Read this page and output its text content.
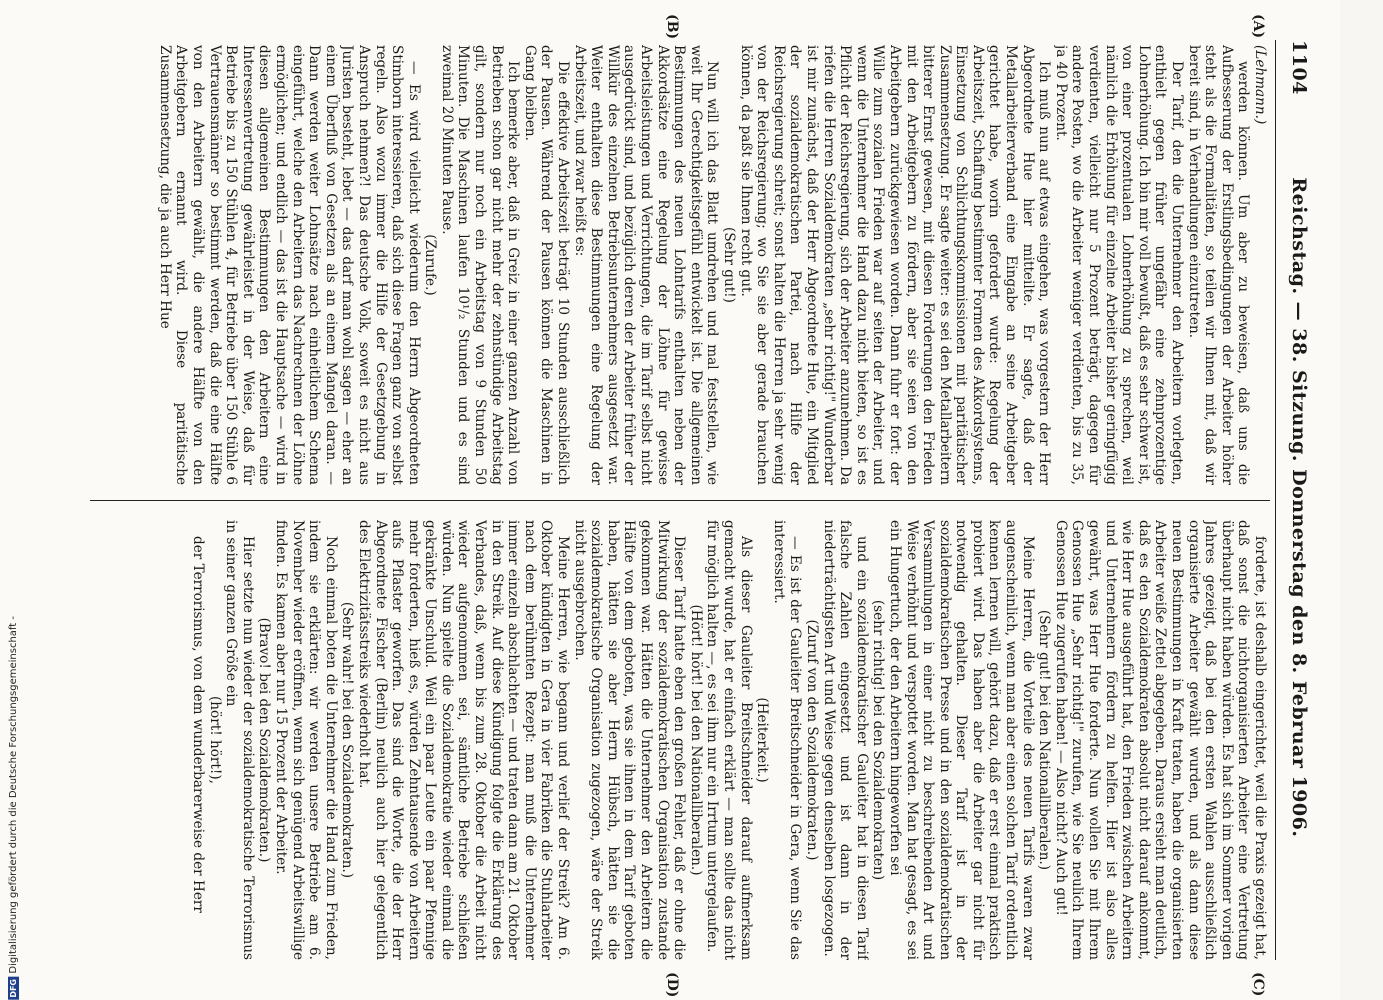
1104
Reichstag. — 38. Sitzung. Donnerstag den 8. Februar 1906.
(A)
(B)
(C)
(D)

(Lehmann.)

werden können. Um aber zu beweisen, daß uns die Aufbesserung der Erstlingsbedingungen der Arbeiter höher steht als die Formalitäten, so teilen wir Ihnen mit, daß wir bereit sind, in Verhandlungen einzutreten.

Der Tarif, den die Unternehmer den Arbeitern vorlegten, enthielt gegen früher ungefähr eine zehnprozentige Lohnerhöhung. Ich bin mir voll bewußt, daß es sehr schwer ist, von einer prozentualen Lohnerhöhung zu sprechen, weil nämlich die Erhöhung für einzelne Arbeiter bisher geringfügig verdienten, vielleicht nur 5 Prozent beträgt, dagegen für andere Posten, wo die Arbeiter weniger verdienten, bis zu 35, ja 40 Prozent.

Ich muß nun auf etwas eingehen, was vorgestern der Herr Abgeordnete Hue hier mitteilte. Er sagte, daß der Metallarbeiterverband eine Eingabe an seine Arbeitgeber gerichtet habe, worin gefordert wurde: Regelung der Arbeitszeit, Schaffung bestimmter Formen des Akkordsystems, Einsetzung von Schlichtungskommissionen mit paritätischer Zusammensetzung. Er sagte weiter: es sei den Metallarbeitern bitterer Ernst gewesen, mit diesen Forderungen den Frieden mit den Arbeitgebern zu fördern, aber sie seien von den Arbeitgebern zurückgewiesen worden. Dann fuhr er fort: der Wille zum sozialen Frieden war auf seiten der Arbeiter, und wenn die Unternehmer die Hand dazu nicht bieten, so ist es Pflicht der Reichsregierung, sich der Arbeiter anzunehmen. Da riefen die Herren Sozialdemokraten „sehr richtig!" Wunderbar ist mir zunächst, daß der Herr Abgeordnete Hue, ein Mitglied der sozialdemokratischen Partei, nach Hilfe der Reichsregierung schreit; sonst halten die Herren ja sehr wenig von der Reichsregierung; wo Sie sie aber gerade brauchen können, da paßt sie Ihnen recht gut.

(Sehr gut!)

Nun will ich das Blatt umdrehen und mal feststellen, wie weit Ihr Gerechtigkeitsgefühl entwickelt ist. Die allgemeinen Bestimmungen des neuen Lohntarifs enthalten neben der Akkordsätze eine Regelung der Löhne für gewisse Arbeitsleistungen und Verrichtungen, die im Tarif selbst nicht ausgedrückt sind, und bezüglich deren der Arbeiter früher der Willkür des einzelnen Betriebsunternehmers ausgesetzt war. Weiter enthalten diese Bestimmungen eine Regelung der Arbeitszeit, und zwar heißt es:

Die effektive Arbeitszeit beträgt 10 Stunden ausschließlich der Pausen. Während der Pausen können die Maschinen in Gang bleiben.

Ich bemerke aber, daß in Greiz in einer ganzen Anzahl von Betrieben schon gar nicht mehr der zehnstündige Arbeitstag gilt, sondern nur noch ein Arbeitstag von 9 Stunden 50 Minuten. Die Maschinen laufen 10¹/₂ Stunden und es sind zweimal 20 Minuten Pause.

(Zurufe.)

— Es wird vielleicht wiederum den Herrn Abgeordneten Stimborn interessieren, daß sich diese Fragen ganz von selbst regeln. Also wozu immer die Hilfe der Gesetzgebung in Anspruch nehmen?! Das deutsche Volk, soweit es nicht aus Juristen besteht, lebet — das darf man wohl sagen — eher an einem Überfluß von Gesetzen als an einem Mangel daran. — Dann werden weiter Lohnsätze nach einheitlichem Schema eingeführt, welche den Arbeitern das Nachrechnen der Löhne ermöglichen; und endlich — das ist die Hauptsache — wird in diesen allgemeinen Bestimmungen den Arbeitern eine Interessenvertretung gewährleistet in der Weise, daß für Betriebe bis zu 150 Stühlen 4, für Betriebe über 150 Stühle 6 Vertrauensmänner so bestimmt werden, daß die eine Hälfte von den Arbeitern gewählt, die andere Hälfte von den Arbeitgebern ernannt wird. Diese paritätische Zusammensetzung, die ja auch Herr Hue

forderte, ist deshalb eingerichtet, weil die Praxis gezeigt hat, daß sonst die nichtorganisierten Arbeiter eine Vertretung überhaupt nicht haben würden. Es hat sich im Sommer vorigen Jahres gezeigt, daß bei den ersten Wahlen ausschließlich organisierte Arbeiter gewählt wurden, und als dann diese neuen Bestimmungen in Kraft traten, haben die organisierten Arbeiter weiße Zettel abgegeben. Daraus ersieht man deutlich, daß es den Sozialdemokraten absolut nicht darauf ankommt, wie Herr Hue ausgeführt hat, den Frieden zwischen Arbeitern und Unternehmern fördern zu helfen. Hier ist also alles gewährt, was Herr Hue forderte. Nun wollen Sie mit Ihrem Genossen Hue „Sehr richtig!" zurufen, wie Sie neulich Ihrem Genossen Hue zugerufen haben! — Also nicht? Auch gut!

(Sehr gut! bei den Nationalliberalen.)

Meine Herren, die Vorteile des neuen Tarifs waren zwar augenscheinlich, wenn man aber einen solchen Tarif ordentlich kennen lernen will, gehört dazu, daß er erst einmal praktisch probiert wird. Das haben aber die Arbeiter gar nicht für notwendig gehalten. Dieser Tarif ist in der sozialdemokratischen Presse und in den sozialdemokratischen Versammlungen in einer nicht zu beschreibenden Art und Weise verhöhnt und verspottet worden. Man hat gesagt, es sei ein Hungertuch, der den Arbeitern hingeworfen sei

(sehr richtig! bei den Sozialdemokraten)

und ein sozialdemokratischer Gauleiter hat in diesen Tarif falsche Zahlen eingesetzt und ist dann in der niederträchtigsten Art und Weise gegen denselben losgezogen.

(Zuruf von den Sozialdemokraten.)

— Es ist der Gauleiter Breitschneider in Gera, wenn Sie das interessiert.

(Heiterkeit.)

Als dieser Gauleiter Breitschneider darauf aufmerksam gemacht wurde, hat er einfach erklärt — man sollte das nicht für möglich halten —, es sei ihm nur ein Irrtum untergelaufen.

(Hört! hört! bei den Nationalliberalen.)

Dieser Tarif hatte eben den großen Fehler, daß er ohne die Mitwirkung der sozialdemokratischen Organisation zustande gekommen war. Hätten die Unternehmer den Arbeitern die Hälfte von dem geboten, was sie ihnen in dem Tarif geboten haben, hätten sie aber Herrn Hübsch, hätten sie die sozialdemokratische Organisation zugezogen, wäre der Streik nicht ausgebrochen.

Meine Herren, wie begann und verlief der Streik? Am 6. Oktober kündigten in Gera in vier Fabriken die Stuhlarbeiter nach dem berühmten Rezept: man muß die Unternehmer immer einzeln abschlachten — und traten dann am 21. Oktober in den Streik. Auf diese Kündigung folgte die Erklärung des Verbandes, daß, wenn bis zum 28. Oktober die Arbeit nicht wieder aufgenommen sei, sämtliche Betriebe schließen würden. Nun spielte die Sozialdemokratie wieder einmal die gekränkte Unschuld. Weil ein paar Leute ein paar Pfennige mehr forderten, hieß es, würden Zehntausende von Arbeitern aufs Pflaster geworfen. Das sind die Worte, die der Herr Abgeordnete Fischer (Berlin) neulich auch hier gelegentlich des Elektrizitätsstreiks wiederholt hat.

(Sehr wahr! bei den Sozialdemokraten.)

Noch einmal boten die Unternehmer die Hand zum Frieden, indem sie erklärten: wir werden unsere Betriebe am 6. November wieder eröffnen, wenn sich genügend Arbeitswillige finden. Es kamen aber nur 15 Prozent der Arbeiter.

(Bravo! bei den Sozialdemokraten.)

Hier setzte nun wieder der sozialdemokratische Terrorismus in seiner ganzen Größe ein

(hört! hört!),

der Terrorismus, von dem wunderbarerweise der Herr

Digitalisierung gefördert durch die Deutsche Forschungsgemeinschaft -
DFG
